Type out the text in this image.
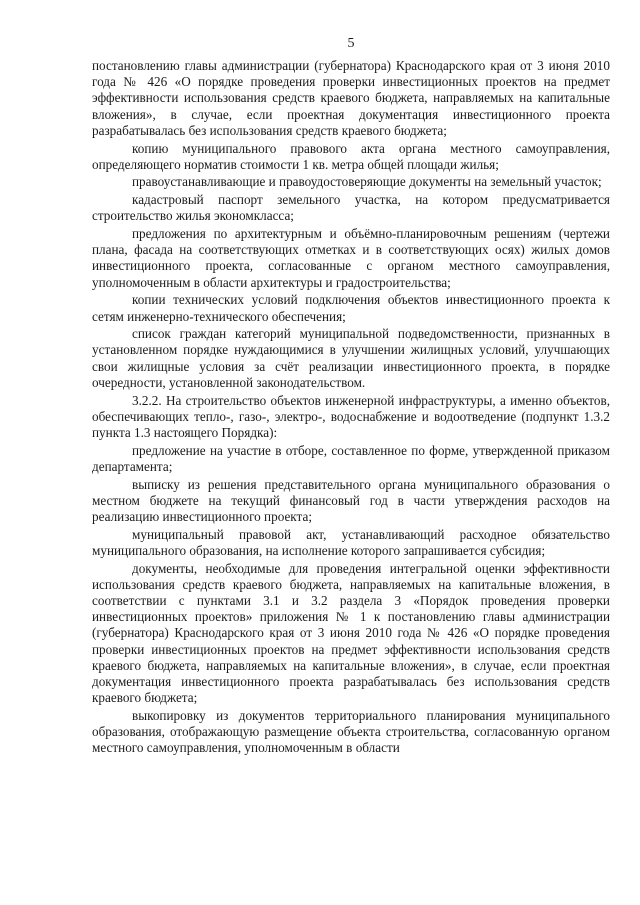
5

постановлению главы администрации (губернатора) Краснодарского края от 3 июня 2010 года № 426 «О порядке проведения проверки инвестиционных проектов на предмет эффективности использования средств краевого бюджета, направляемых на капитальные вложения», в случае, если проектная документация инвестиционного проекта разрабатывалась без использования средств краевого бюджета;

копию муниципального правового акта органа местного самоуправления, определяющего норматив стоимости 1 кв. метра общей площади жилья;

правоустанавливающие и правоудостоверяющие документы на земельный участок;

кадастровый паспорт земельного участка, на котором предусматривается строительство жилья экономкласса;

предложения по архитектурным и объёмно-планировочным решениям (чертежи плана, фасада на соответствующих отметках и в соответствующих осях) жилых домов инвестиционного проекта, согласованные с органом местного самоуправления, уполномоченным в области архитектуры и градостроительства;

копии технических условий подключения объектов инвестиционного проекта к сетям инженерно-технического обеспечения;

список граждан категорий муниципальной подведомственности, признанных в установленном порядке нуждающимися в улучшении жилищных условий, улучшающих свои жилищные условия за счёт реализации инвестиционного проекта, в порядке очередности, установленной законодательством.

3.2.2. На строительство объектов инженерной инфраструктуры, а именно объектов, обеспечивающих тепло-, газо-, электро-, водоснабжение и водоотведение (подпункт 1.3.2 пункта 1.3 настоящего Порядка):

предложение на участие в отборе, составленное по форме, утвержденной приказом департамента;

выписку из решения представительного органа муниципального образования о местном бюджете на текущий финансовый год в части утверждения расходов на реализацию инвестиционного проекта;

муниципальный правовой акт, устанавливающий расходное обязательство муниципального образования, на исполнение которого запрашивается субсидия;

документы, необходимые для проведения интегральной оценки эффективности использования средств краевого бюджета, направляемых на капитальные вложения, в соответствии с пунктами 3.1 и 3.2 раздела 3 «Порядок проведения проверки инвестиционных проектов» приложения № 1 к постановлению главы администрации (губернатора) Краснодарского края от 3 июня 2010 года № 426 «О порядке проведения проверки инвестиционных проектов на предмет эффективности использования средств краевого бюджета, направляемых на капитальные вложения», в случае, если проектная документация инвестиционного проекта разрабатывалась без использования средств краевого бюджета;

выкопировку из документов территориального планирования муниципального образования, отображающую размещение объекта строительства, согласованную органом местного самоуправления, уполномоченным в области
